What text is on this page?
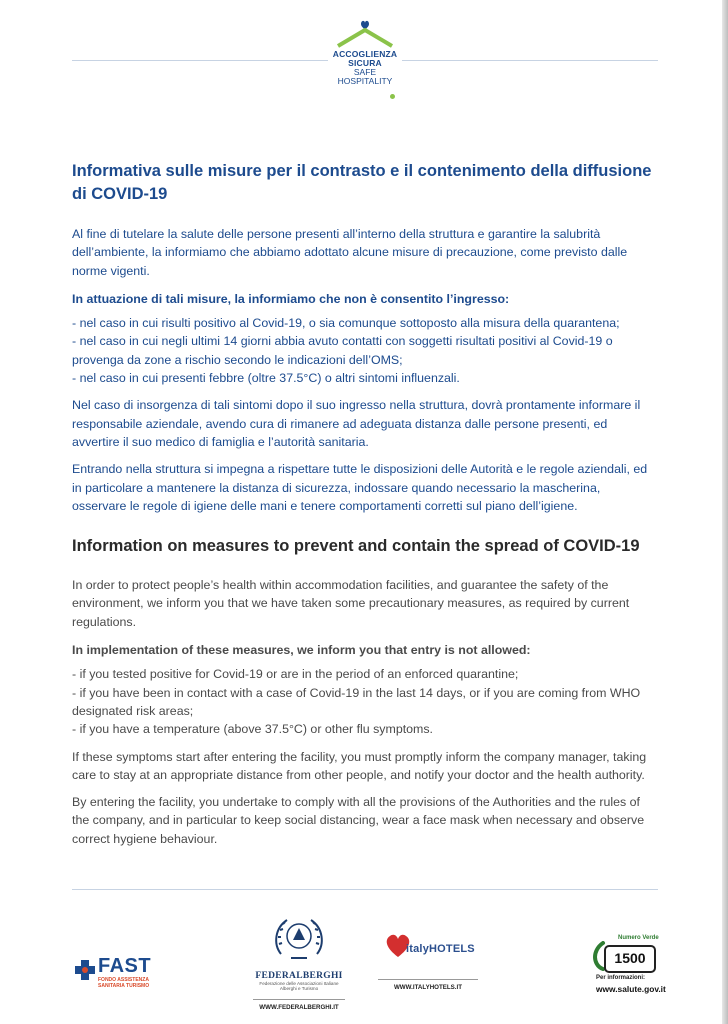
ACCOGLIENZA
SICURA
SAFE
HOSPITALITY
Informativa sulle misure per il contrasto e il contenimento della diffusione di COVID-19

Al fine di tutelare la salute delle persone presenti all’interno della struttura e garantire la salubrità dell’ambiente, la informiamo che abbiamo adottato alcune misure di precauzione, come previsto dalle norme vigenti.

In attuazione di tali misure, la informiamo che non è consentito l’ingresso:

- nel caso in cui risulti positivo al Covid-19, o sia comunque sottoposto alla misura della quarantena;
- nel caso in cui negli ultimi 14 giorni abbia avuto contatti con soggetti risultati positivi al Covid-19 o provenga da zone a rischio secondo le indicazioni dell’OMS;
- nel caso in cui presenti febbre (oltre 37.5°C) o altri sintomi influenzali.

Nel caso di insorgenza di tali sintomi dopo il suo ingresso nella struttura, dovrà prontamente informare il responsabile aziendale, avendo cura di rimanere ad adeguata distanza dalle persone presenti, ed avvertire il suo medico di famiglia e l’autorità sanitaria.

Entrando nella struttura si impegna a rispettare tutte le disposizioni delle Autorità e le regole aziendali, ed in particolare a mantenere la distanza di sicurezza, indossare quando necessario la mascherina, osservare le regole di igiene delle mani e tenere comportamenti corretti sul piano dell’igiene.

Information on measures to prevent and contain the spread of COVID-19

In order to protect people’s health within accommodation facilities, and guarantee the safety of the environment, we inform you that we have taken some precautionary measures, as required by current regulations.

In implementation of these measures, we inform you that entry is not allowed:

- if you tested positive for Covid-19 or are in the period of an enforced quarantine;
- if you have been in contact with a case of Covid-19 in the last 14 days, or if you are coming from WHO designated risk areas;
- if you have a temperature (above 37.5°C) or other flu symptoms.

If these symptoms start after entering the facility, you must promptly inform the company manager, taking care to stay at an appropriate distance from other people, and notify your doctor and the health authority.

By entering the facility, you undertake to comply with all the provisions of the Authorities and the rules of the company, and in particular to keep social distancing, wear a face mask when necessary and observe correct hygiene behaviour.

FAST
FONDO ASSISTENZA SANITARIA TURISMO
FEDERALBERGHI
Federazione delle Associazioni Italiane Alberghi e Turismo
WWW.FEDERALBERGHI.IT
italyHOTELS
WWW.ITALYHOTELS.IT
Numero Verde
1500
Per informazioni:
www.salute.gov.it
